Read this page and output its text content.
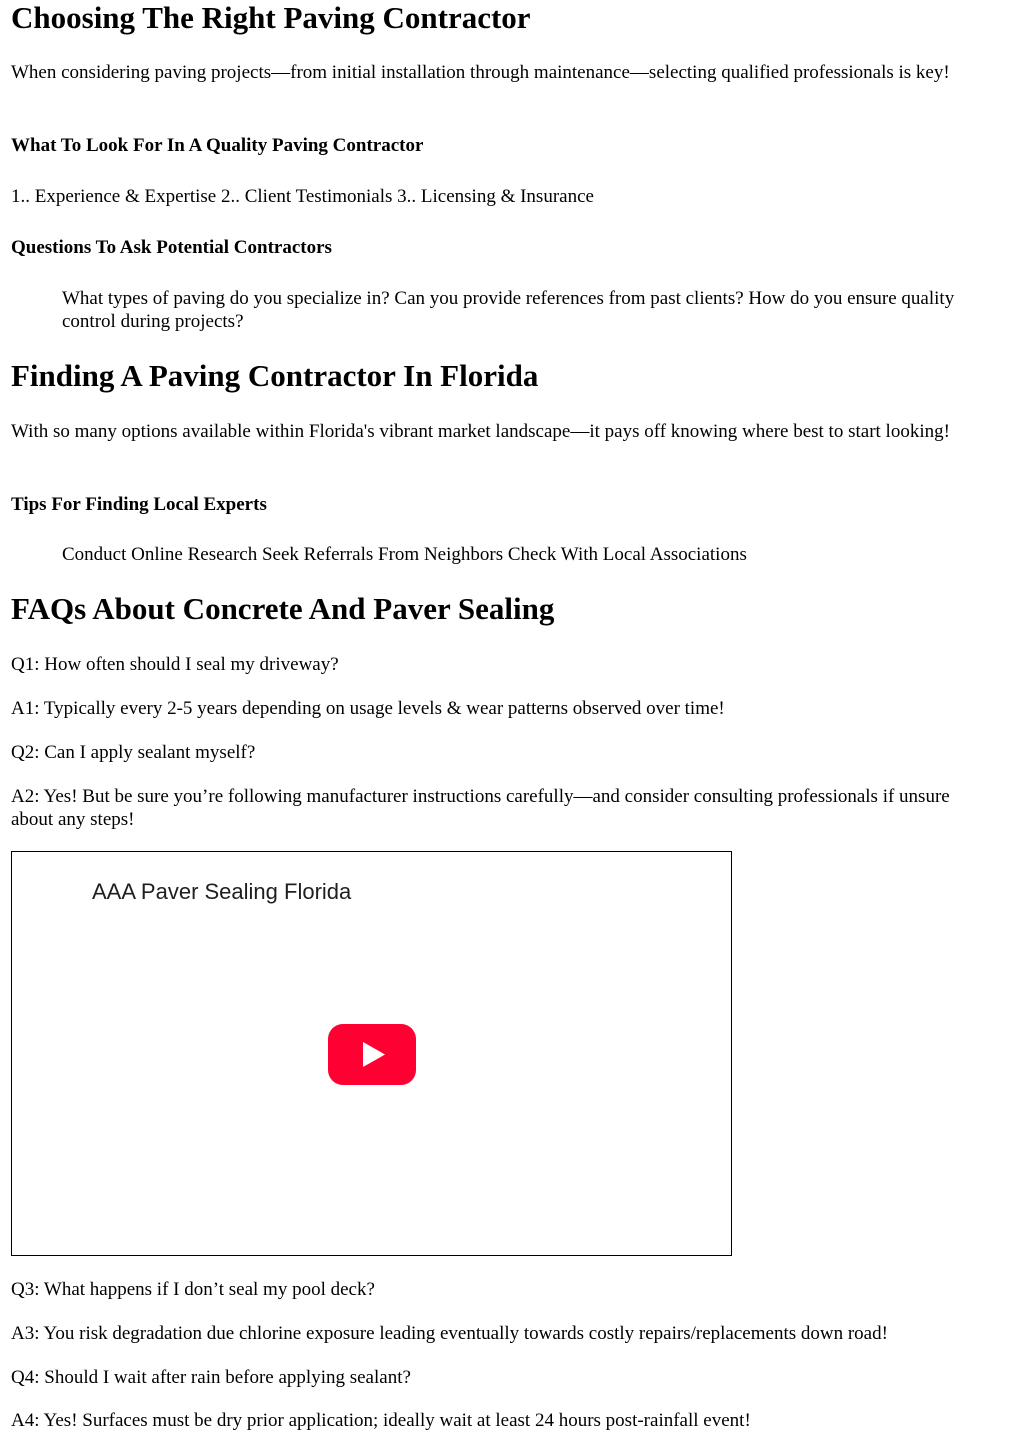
Choosing The Right Paving Contractor

When considering paving projects—from initial installation through maintenance—selecting qualified professionals is key!

What To Look For In A Quality Paving Contractor

1.. Experience & Expertise 2.. Client Testimonials 3.. Licensing & Insurance

Questions To Ask Potential Contractors

What types of paving do you specialize in? Can you provide references from past clients? How do you ensure quality control during projects?

Finding A Paving Contractor In Florida

With so many options available within Florida's vibrant market landscape—it pays off knowing where best to start looking!

Tips For Finding Local Experts

Conduct Online Research Seek Referrals From Neighbors Check With Local Associations

FAQs About Concrete And Paver Sealing

Q1: How often should I seal my driveway?

A1: Typically every 2-5 years depending on usage levels & wear patterns observed over time!

Q2: Can I apply sealant myself?

A2: Yes! But be sure you’re following manufacturer instructions carefully—and consider consulting professionals if unsure about any steps!

AAA Paver Sealing Florida

Q3: What happens if I don’t seal my pool deck?

A3: You risk degradation due chlorine exposure leading eventually towards costly repairs/replacements down road!

Q4: Should I wait after rain before applying sealant?

A4: Yes! Surfaces must be dry prior application; ideally wait at least 24 hours post-rainfall event!
